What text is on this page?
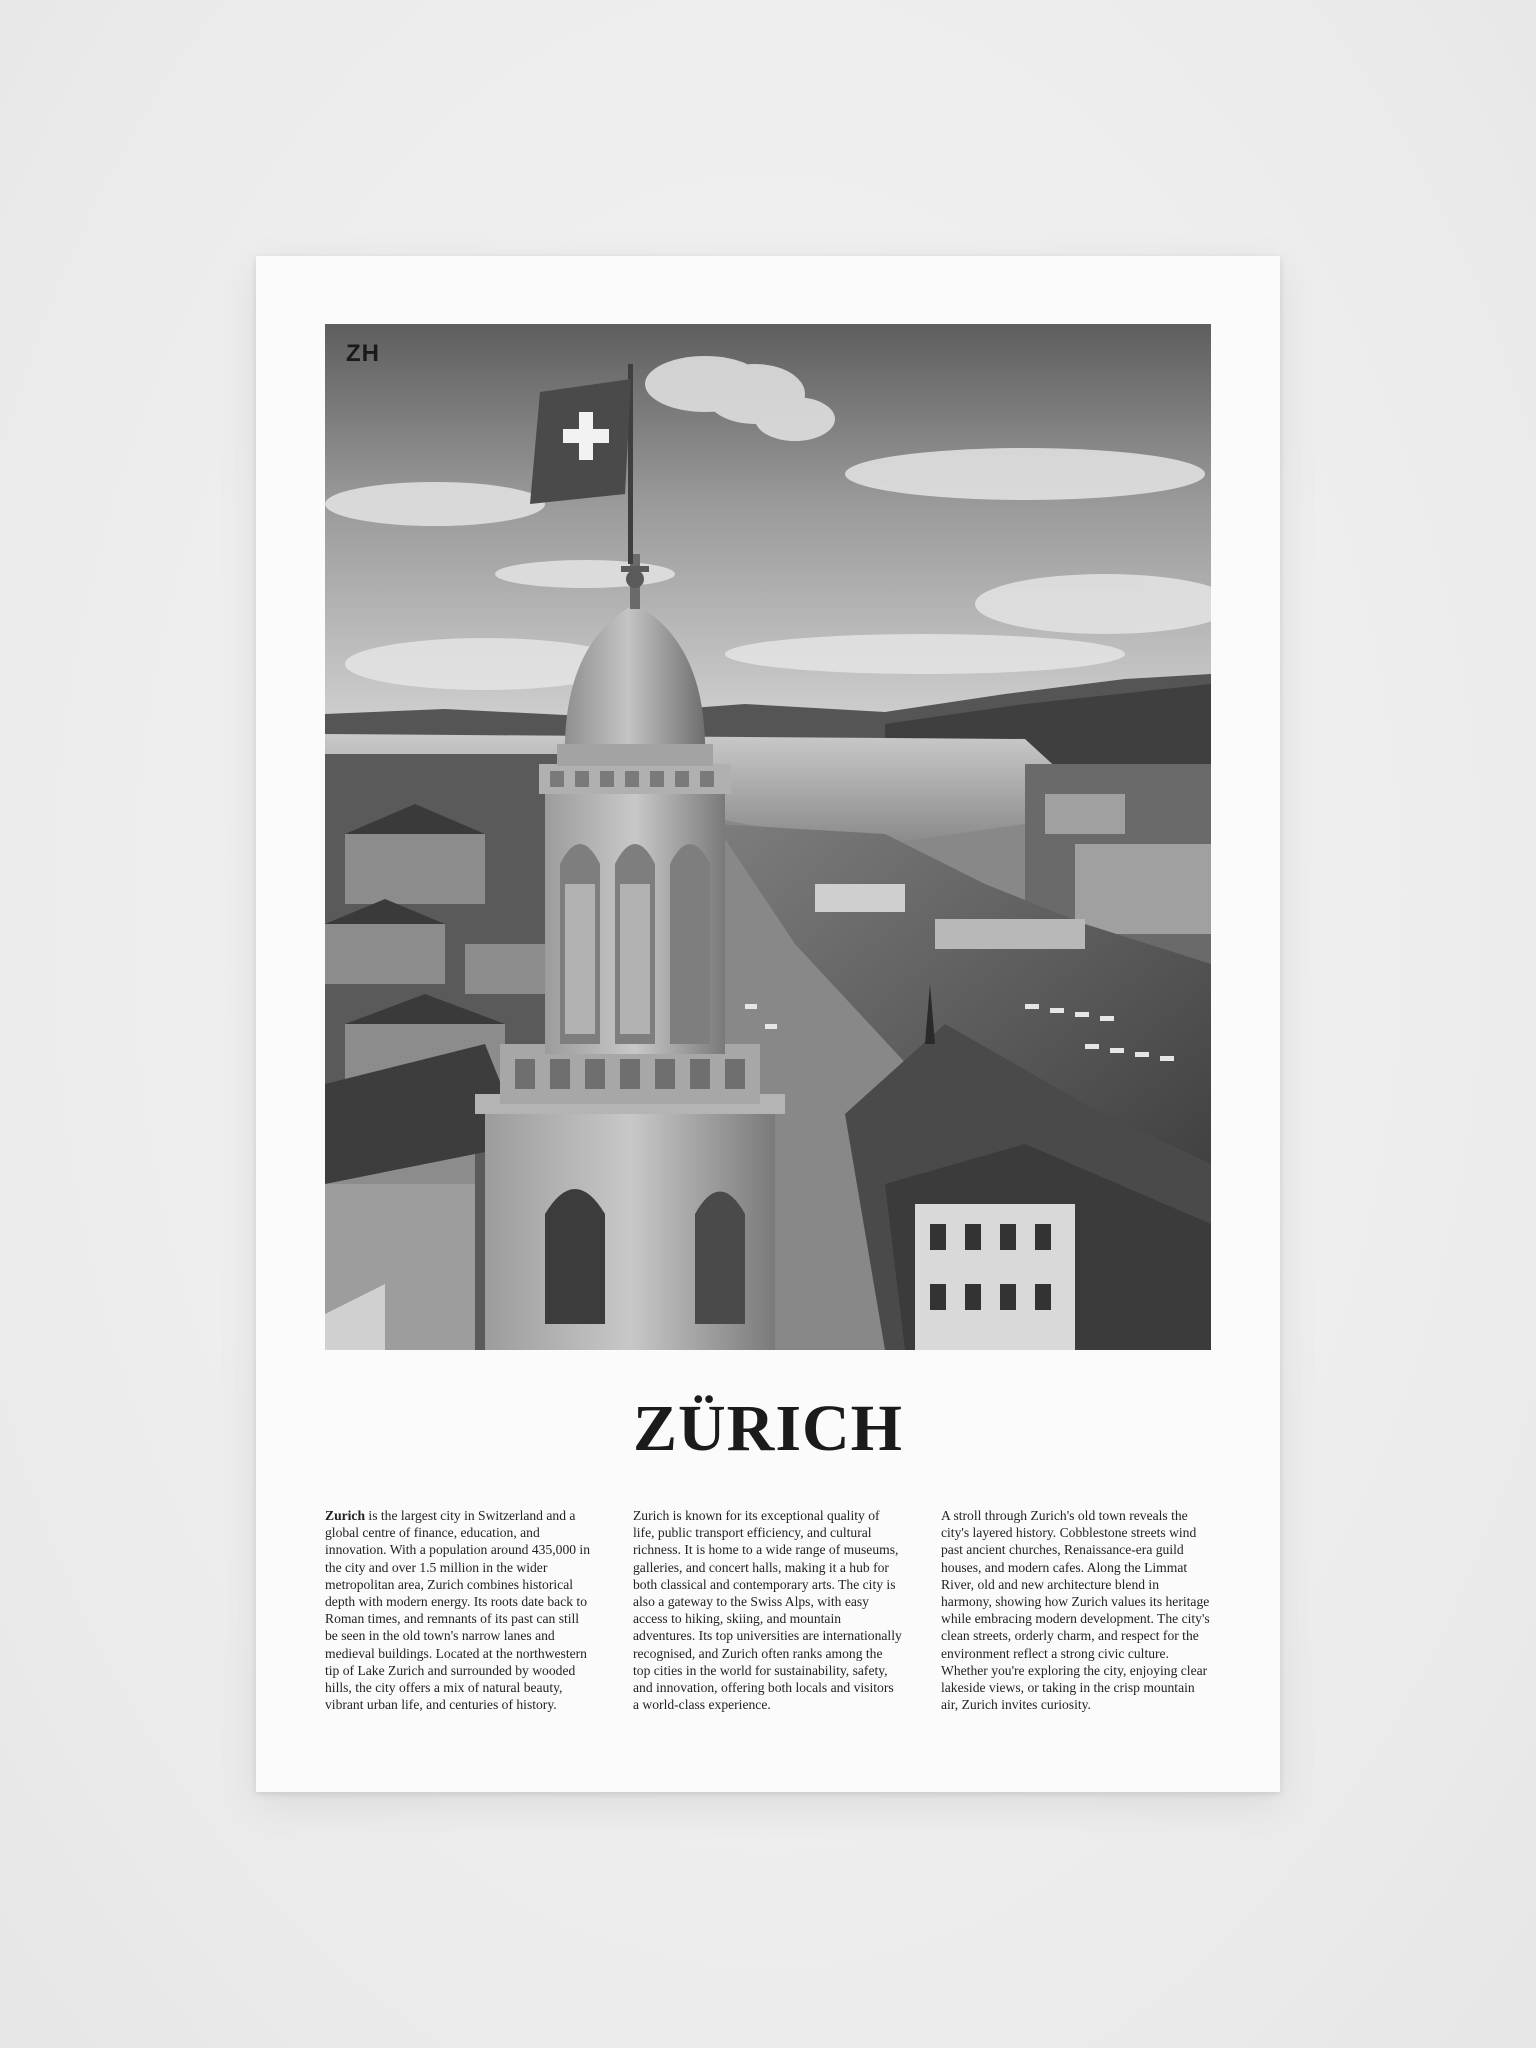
ZH
ZÜRICH

Zurich is the largest city in Switzerland and a global centre of finance, education, and innovation. With a population around 435,000 in the city and over 1.5 million in the wider metropolitan area, Zurich combines historical depth with modern energy. Its roots date back to Roman times, and remnants of its past can still be seen in the old town's narrow lanes and medieval buildings. Located at the northwestern tip of Lake Zurich and surrounded by wooded hills, the city offers a mix of natural beauty, vibrant urban life, and centuries of history.

Zurich is known for its exceptional quality of life, public transport efficiency, and cultural richness. It is home to a wide range of museums, galleries, and concert halls, making it a hub for both classical and contemporary arts. The city is also a gateway to the Swiss Alps, with easy access to hiking, skiing, and mountain adventures. Its top universities are internationally recognised, and Zurich often ranks among the top cities in the world for sustainability, safety, and innovation, offering both locals and visitors a world-class experience.

A stroll through Zurich's old town reveals the city's layered history. Cobblestone streets wind past ancient churches, Renaissance-era guild houses, and modern cafes. Along the Limmat River, old and new architecture blend in harmony, showing how Zurich values its heritage while embracing modern development. The city's clean streets, orderly charm, and respect for the environment reflect a strong civic culture. Whether you're exploring the city, enjoying clear lakeside views, or taking in the crisp mountain air, Zurich invites curiosity.
